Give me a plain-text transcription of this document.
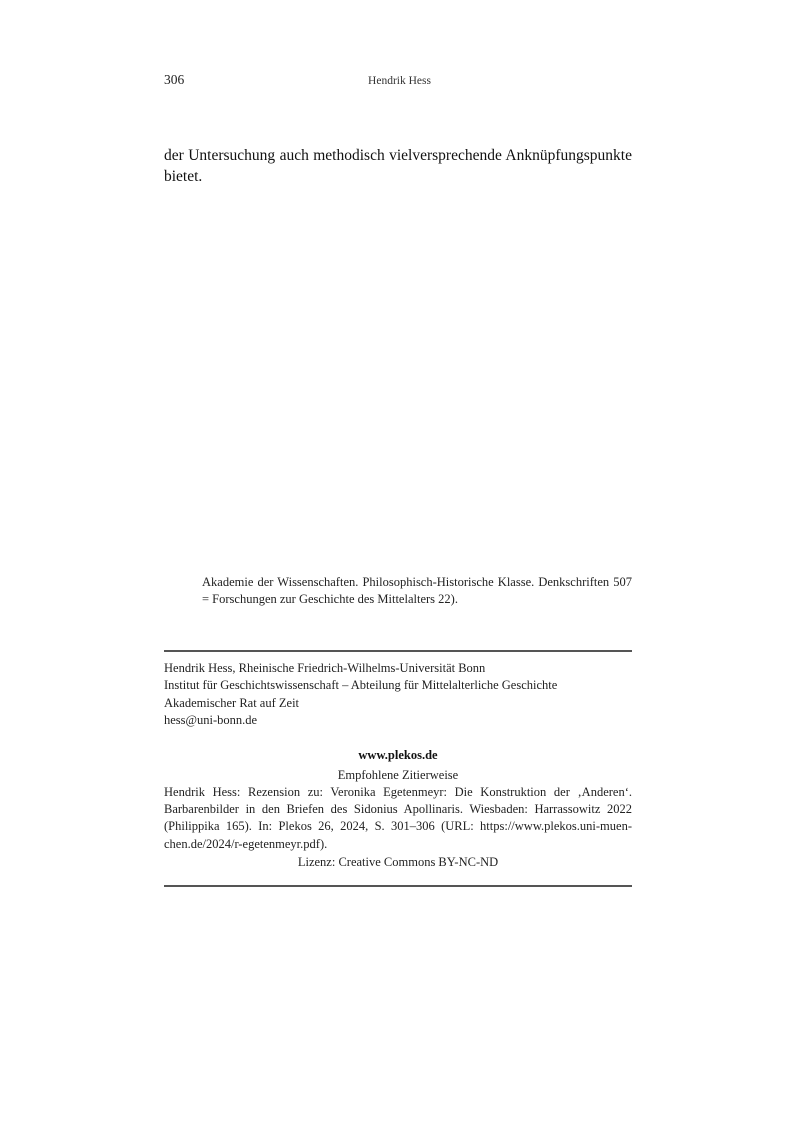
306	Hendrik Hess

der Untersuchung auch methodisch vielversprechende Anknüpfungspunkte bietet.

Akademie der Wissenschaften. Philosophisch-Historische Klasse. Denkschriften 507 = Forschungen zur Geschichte des Mittelalters 22).
Hendrik Hess, Rheinische Friedrich-Wilhelms-Universität Bonn
Institut für Geschichtswissenschaft – Abteilung für Mittelalterliche Geschichte
Akademischer Rat auf Zeit
hess@uni-bonn.de
www.plekos.de
Empfohlene Zitierweise
Hendrik Hess: Rezension zu: Veronika Egetenmeyr: Die Konstruktion der ‚Anderen‘. Barbarenbilder in den Briefen des Sidonius Apollinaris. Wiesbaden: Harrassowitz 2022 (Philippika 165). In: Plekos 26, 2024, S. 301–306 (URL: https://www.plekos.uni-muen-chen.de/2024/r-egetenmeyr.pdf).
Lizenz: Creative Commons BY-NC-ND
